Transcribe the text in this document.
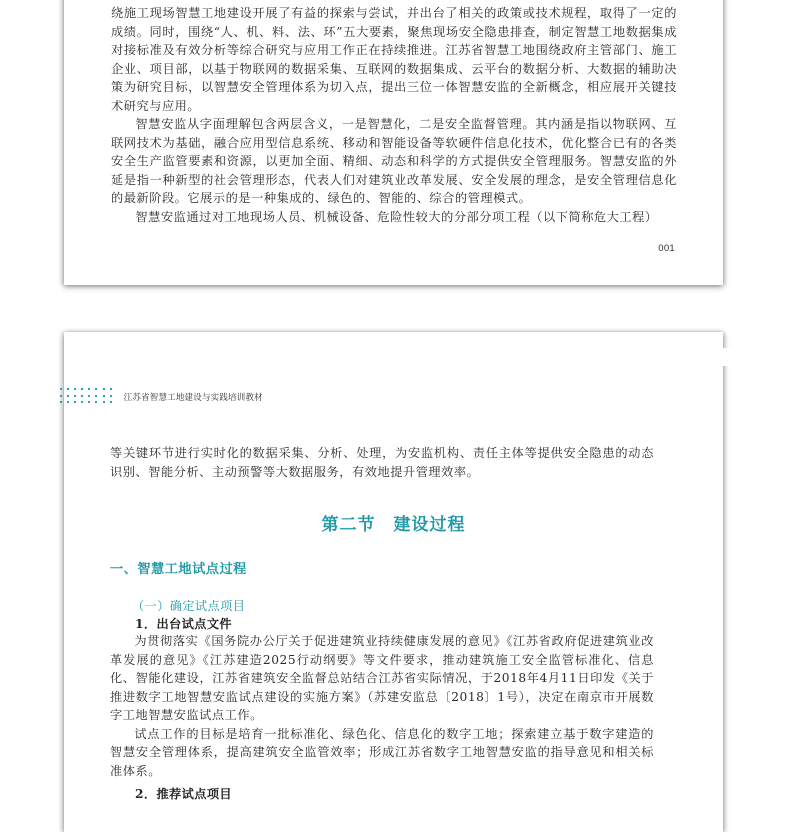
绕施工现场智慧工地建设开展了有益的探索与尝试，并出台了相关的政策或技术规程，取得了一定的成绩。同时，围绕“人、机、料、法、环”五大要素，聚焦现场安全隐患排查，制定智慧工地数据集成对接标准及有效分析等综合研究与应用工作正在持续推进。江苏省智慧工地围绕政府主管部门、施工企业、项目部，以基于物联网的数据采集、互联网的数据集成、云平台的数据分析、大数据的辅助决策为研究目标，以智慧安全管理体系为切入点，提出三位一体智慧安监的全新概念，相应展开关键技术研究与应用。

智慧安监从字面理解包含两层含义，一是智慧化，二是安全监督管理。其内涵是指以物联网、互联网技术为基础，融合应用型信息系统、移动和智能设备等软硬件信息化技术，优化整合已有的各类安全生产监管要素和资源，以更加全面、精细、动态和科学的方式提供安全管理服务。智慧安监的外延是指一种新型的社会管理形态，代表人们对建筑业改革发展、安全发展的理念，是安全管理信息化的最新阶段。它展示的是一种集成的、绿色的、智能的、综合的管理模式。

智慧安监通过对工地现场人员、机械设备、危险性较大的分部分项工程（以下简称危大工程）

001
江苏省智慧工地建设与实践培训教材

等关键环节进行实时化的数据采集、分析、处理，为安监机构、责任主体等提供安全隐患的动态识别、智能分析、主动预警等大数据服务，有效地提升管理效率。

第二节　建设过程
一、智慧工地试点过程
（一）确定试点项目
1．出台试点文件

为贯彻落实《国务院办公厅关于促进建筑业持续健康发展的意见》《江苏省政府促进建筑业改革发展的意见》《江苏建造2025行动纲要》等文件要求，推动建筑施工安全监管标准化、信息化、智能化建设，江苏省建筑安全监督总站结合江苏省实际情况，于2018年4月11日印发《关于推进数字工地智慧安监试点建设的实施方案》（苏建安监总〔2018〕1号），决定在南京市开展数字工地智慧安监试点工作。

试点工作的目标是培育一批标准化、绿色化、信息化的数字工地；探索建立基于数字建造的智慧安全管理体系，提高建筑安全监管效率；形成江苏省数字工地智慧安监的指导意见和相关标准体系。

2．推荐试点项目
